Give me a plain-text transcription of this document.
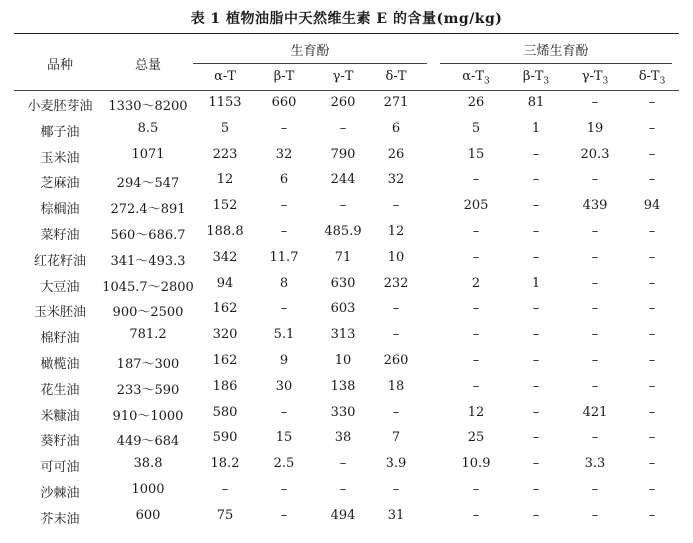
表 1 植物油脂中天然维生素 E 的含量(mg/kg)
品种	总量
生育酚	三烯生育酚
α-T	β-T	γ-T	δ-T	$\alpha-T_3$	$\beta-T_3$	$\gamma-T_3$	$\delta-T_3$
小麦胚芽油	1330～8200	1153	660	260	271	26	81	–	–
椰子油	8.5	5	–	–	6	5	1	19	–
玉米油	1071	223	32	790	26	15	–	20.3	–
芝麻油	294～547	12	6	244	32	–	–	–	–
棕榈油	272.4～891	152	–	–	–	205	–	439	94
菜籽油	560～686.7	188.8	–	485.9	12	–	–	–	–
红花籽油	341～493.3	342	11.7	71	10	–	–	–	–
大豆油	1045.7～2800	94	8	630	232	2	1	–	–
玉米胚油	900～2500	162	–	603	–	–	–	–	–
棉籽油	781.2	320	5.1	313	–	–	–	–	–
橄榄油	187～300	162	9	10	260	–	–	–	–
花生油	233～590	186	30	138	18	–	–	–	–
米糠油	910～1000	580	–	330	–	12	–	421	–
葵籽油	449～684	590	15	38	7	25	–	–	–
可可油	38.8	18.2	2.5	–	3.9	10.9	–	3.3	–
沙棘油	1000	–	–	–	–	–	–	–	–
芥末油	600	75	–	494	31	–	–	–	–
